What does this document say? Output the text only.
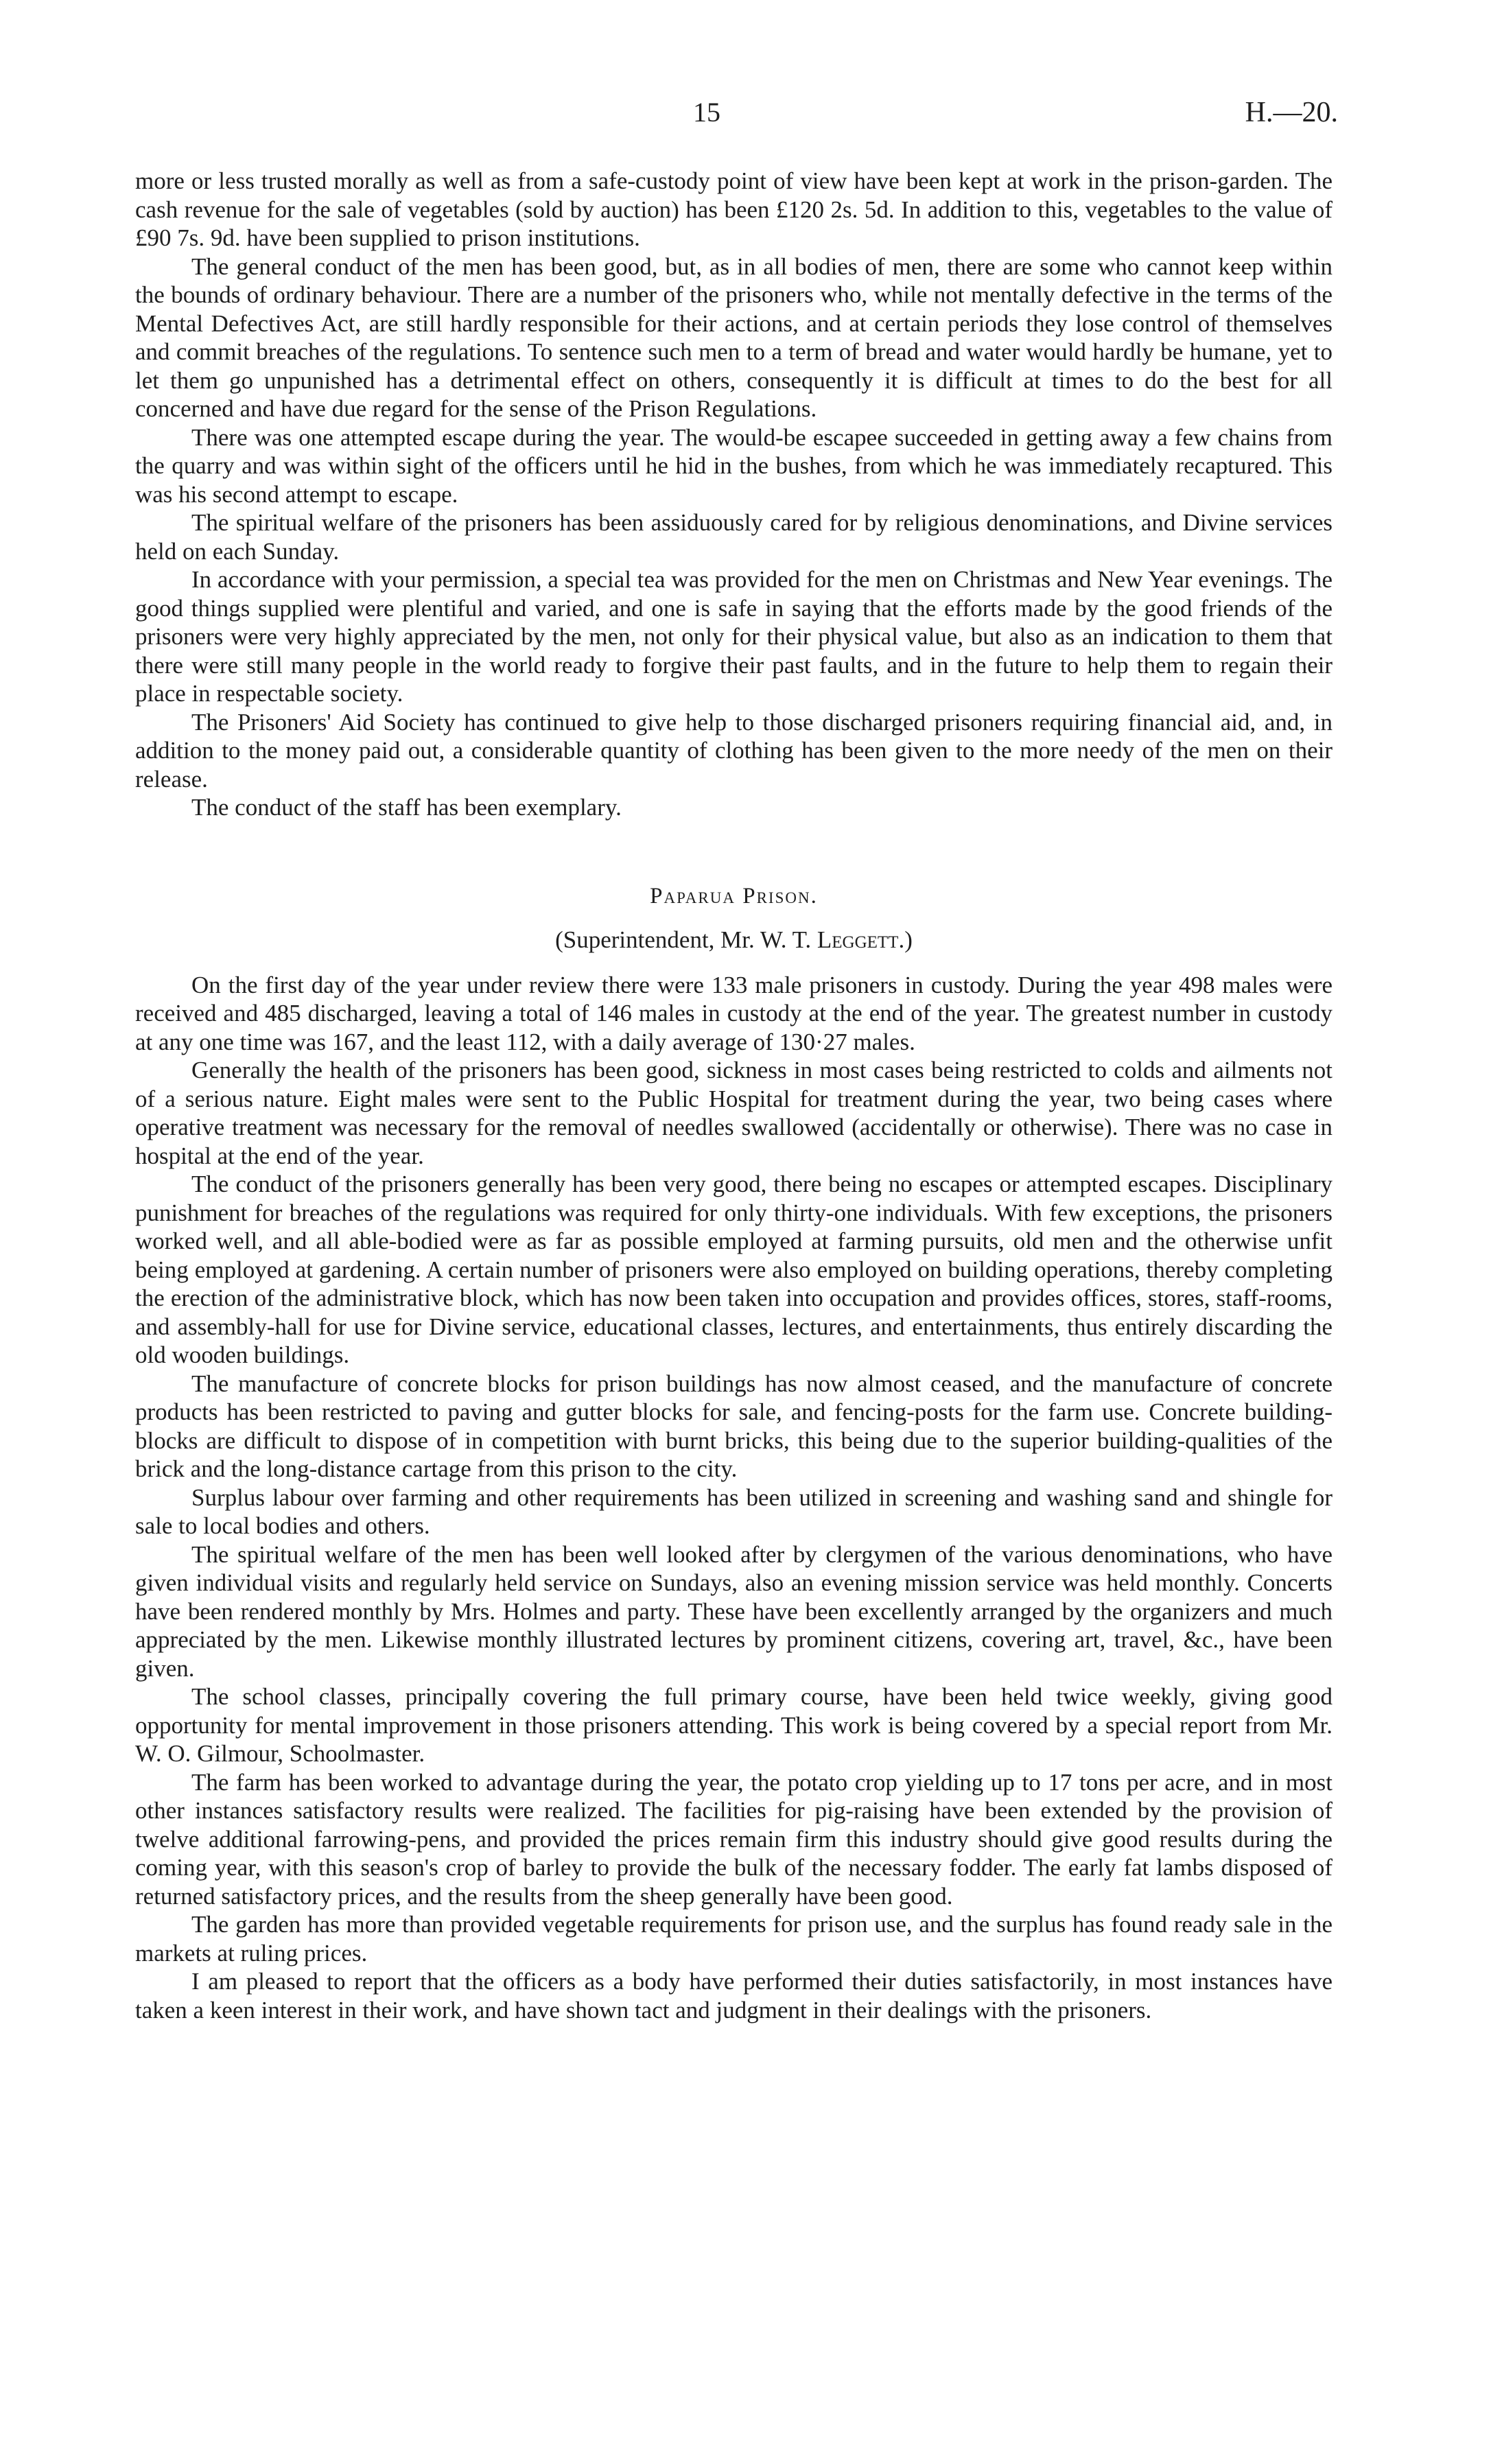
15	H.—20.

more or less trusted morally as well as from a safe-custody point of view have been kept at work in the prison-garden. The cash revenue for the sale of vegetables (sold by auction) has been £120 2s. 5d. In addition to this, vegetables to the value of £90 7s. 9d. have been supplied to prison institutions.

The general conduct of the men has been good, but, as in all bodies of men, there are some who cannot keep within the bounds of ordinary behaviour. There are a number of the prisoners who, while not mentally defective in the terms of the Mental Defectives Act, are still hardly responsible for their actions, and at certain periods they lose control of themselves and commit breaches of the regulations. To sentence such men to a term of bread and water would hardly be humane, yet to let them go unpunished has a detrimental effect on others, consequently it is difficult at times to do the best for all concerned and have due regard for the sense of the Prison Regulations.

There was one attempted escape during the year. The would-be escapee succeeded in getting away a few chains from the quarry and was within sight of the officers until he hid in the bushes, from which he was immediately recaptured. This was his second attempt to escape.

The spiritual welfare of the prisoners has been assiduously cared for by religious denominations, and Divine services held on each Sunday.

In accordance with your permission, a special tea was provided for the men on Christmas and New Year evenings. The good things supplied were plentiful and varied, and one is safe in saying that the efforts made by the good friends of the prisoners were very highly appreciated by the men, not only for their physical value, but also as an indication to them that there were still many people in the world ready to forgive their past faults, and in the future to help them to regain their place in respectable society.

The Prisoners' Aid Society has continued to give help to those discharged prisoners requiring financial aid, and, in addition to the money paid out, a considerable quantity of clothing has been given to the more needy of the men on their release.

The conduct of the staff has been exemplary.

Paparua Prison.
(Superintendent, Mr. W. T. Leggett.)

On the first day of the year under review there were 133 male prisoners in custody. During the year 498 males were received and 485 discharged, leaving a total of 146 males in custody at the end of the year. The greatest number in custody at any one time was 167, and the least 112, with a daily average of 130·27 males.

Generally the health of the prisoners has been good, sickness in most cases being restricted to colds and ailments not of a serious nature. Eight males were sent to the Public Hospital for treatment during the year, two being cases where operative treatment was necessary for the removal of needles swallowed (accidentally or otherwise). There was no case in hospital at the end of the year.

The conduct of the prisoners generally has been very good, there being no escapes or attempted escapes. Disciplinary punishment for breaches of the regulations was required for only thirty-one individuals. With few exceptions, the prisoners worked well, and all able-bodied were as far as possible employed at farming pursuits, old men and the otherwise unfit being employed at gardening. A certain number of prisoners were also employed on building operations, thereby completing the erection of the administrative block, which has now been taken into occupation and provides offices, stores, staff-rooms, and assembly-hall for use for Divine service, educational classes, lectures, and entertainments, thus entirely discarding the old wooden buildings.

The manufacture of concrete blocks for prison buildings has now almost ceased, and the manufacture of concrete products has been restricted to paving and gutter blocks for sale, and fencing-posts for the farm use. Concrete building-blocks are difficult to dispose of in competition with burnt bricks, this being due to the superior building-qualities of the brick and the long-distance cartage from this prison to the city.

Surplus labour over farming and other requirements has been utilized in screening and washing sand and shingle for sale to local bodies and others.

The spiritual welfare of the men has been well looked after by clergymen of the various denominations, who have given individual visits and regularly held service on Sundays, also an evening mission service was held monthly. Concerts have been rendered monthly by Mrs. Holmes and party. These have been excellently arranged by the organizers and much appreciated by the men. Likewise monthly illustrated lectures by prominent citizens, covering art, travel, &c., have been given.

The school classes, principally covering the full primary course, have been held twice weekly, giving good opportunity for mental improvement in those prisoners attending. This work is being covered by a special report from Mr. W. O. Gilmour, Schoolmaster.

The farm has been worked to advantage during the year, the potato crop yielding up to 17 tons per acre, and in most other instances satisfactory results were realized. The facilities for pig-raising have been extended by the provision of twelve additional farrowing-pens, and provided the prices remain firm this industry should give good results during the coming year, with this season's crop of barley to provide the bulk of the necessary fodder. The early fat lambs disposed of returned satisfactory prices, and the results from the sheep generally have been good.

The garden has more than provided vegetable requirements for prison use, and the surplus has found ready sale in the markets at ruling prices.

I am pleased to report that the officers as a body have performed their duties satisfactorily, in most instances have taken a keen interest in their work, and have shown tact and judgment in their dealings with the prisoners.
